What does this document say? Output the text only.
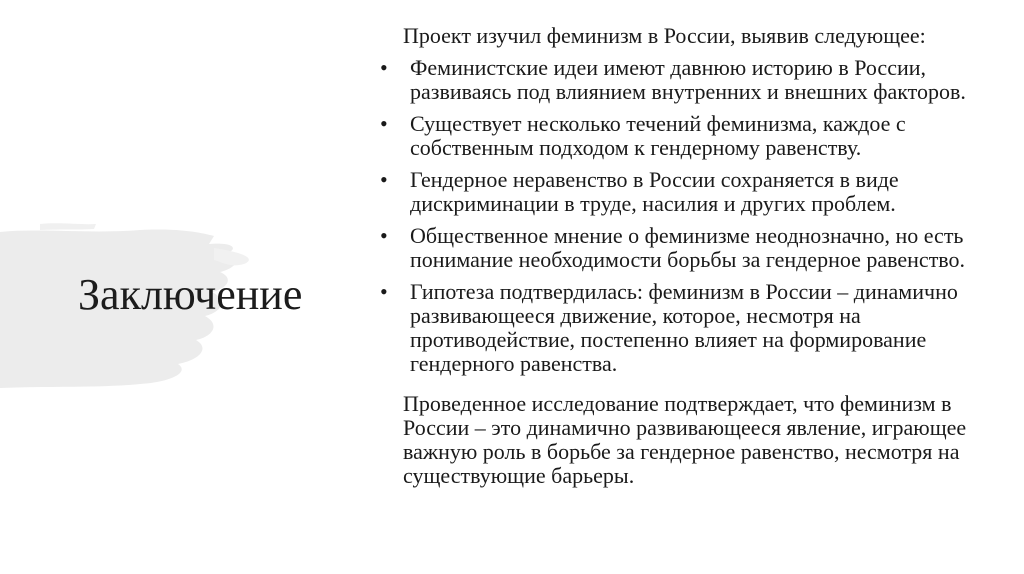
Заключение
Проект изучил феминизм в России, выявив следующее:
• Феминистские идеи имеют давнюю историю в России, развиваясь под влиянием внутренних и внешних факторов.
• Существует несколько течений феминизма, каждое с собственным подходом к гендерному равенству.
• Гендерное неравенство в России сохраняется в виде дискриминации в труде, насилия и других проблем.
• Общественное мнение о феминизме неоднозначно, но есть понимание необходимости борьбы за гендерное равенство.
• Гипотеза подтвердилась: феминизм в России – динамично развивающееся движение, которое, несмотря на противодействие, постепенно влияет на формирование гендерного равенства.
Проведенное исследование подтверждает, что феминизм в России – это динамично развивающееся явление, играющее важную роль в борьбе за гендерное равенство, несмотря на существующие барьеры.
